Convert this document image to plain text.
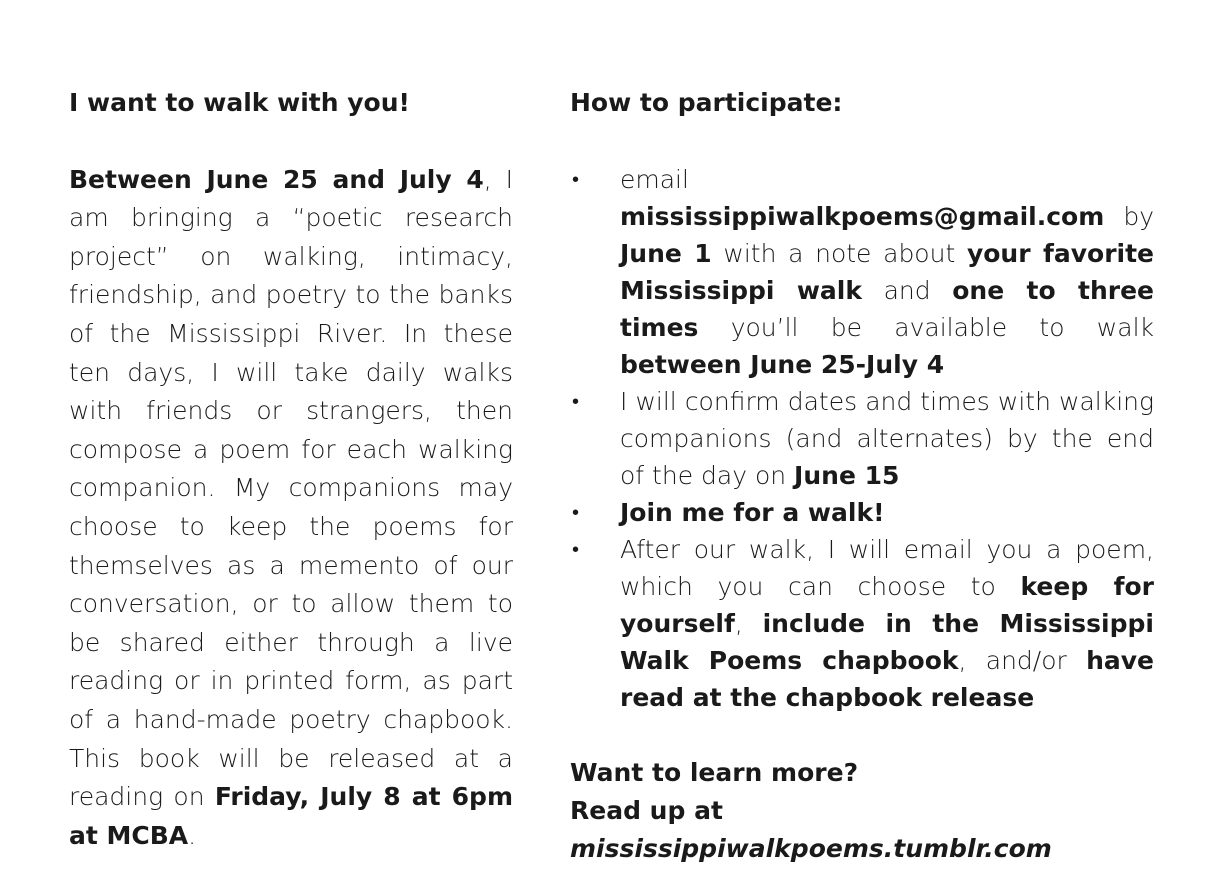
I want to walk with you!

Between June 25 and July 4, I am bringing a “poetic research project” on walking, intimacy, friendship, and poetry to the banks of the Mississippi River. In these ten days, I will take daily walks with friends or strangers, then compose a poem for each walking companion. My companions may choose to keep the poems for themselves as a memento of our conversation, or to allow them to be shared either through a live reading or in printed form, as part of a hand-made poetry chapbook. This book will be released at a reading on Friday, July 8 at 6pm at MCBA.

How to participate:

• email mississippiwalkpoems@gmail.com by June 1 with a note about your favorite Mississippi walk and one to three times you’ll be available to walk between June 25-July 4
• I will confirm dates and times with walking companions (and alternates) by the end of the day on June 15
• Join me for a walk!
• After our walk, I will email you a poem, which you can choose to keep for yourself, include in the Mississippi Walk Poems chapbook, and/or have read at the chapbook release

Want to learn more?

Read up at mississippiwalkpoems.tumblr.com
